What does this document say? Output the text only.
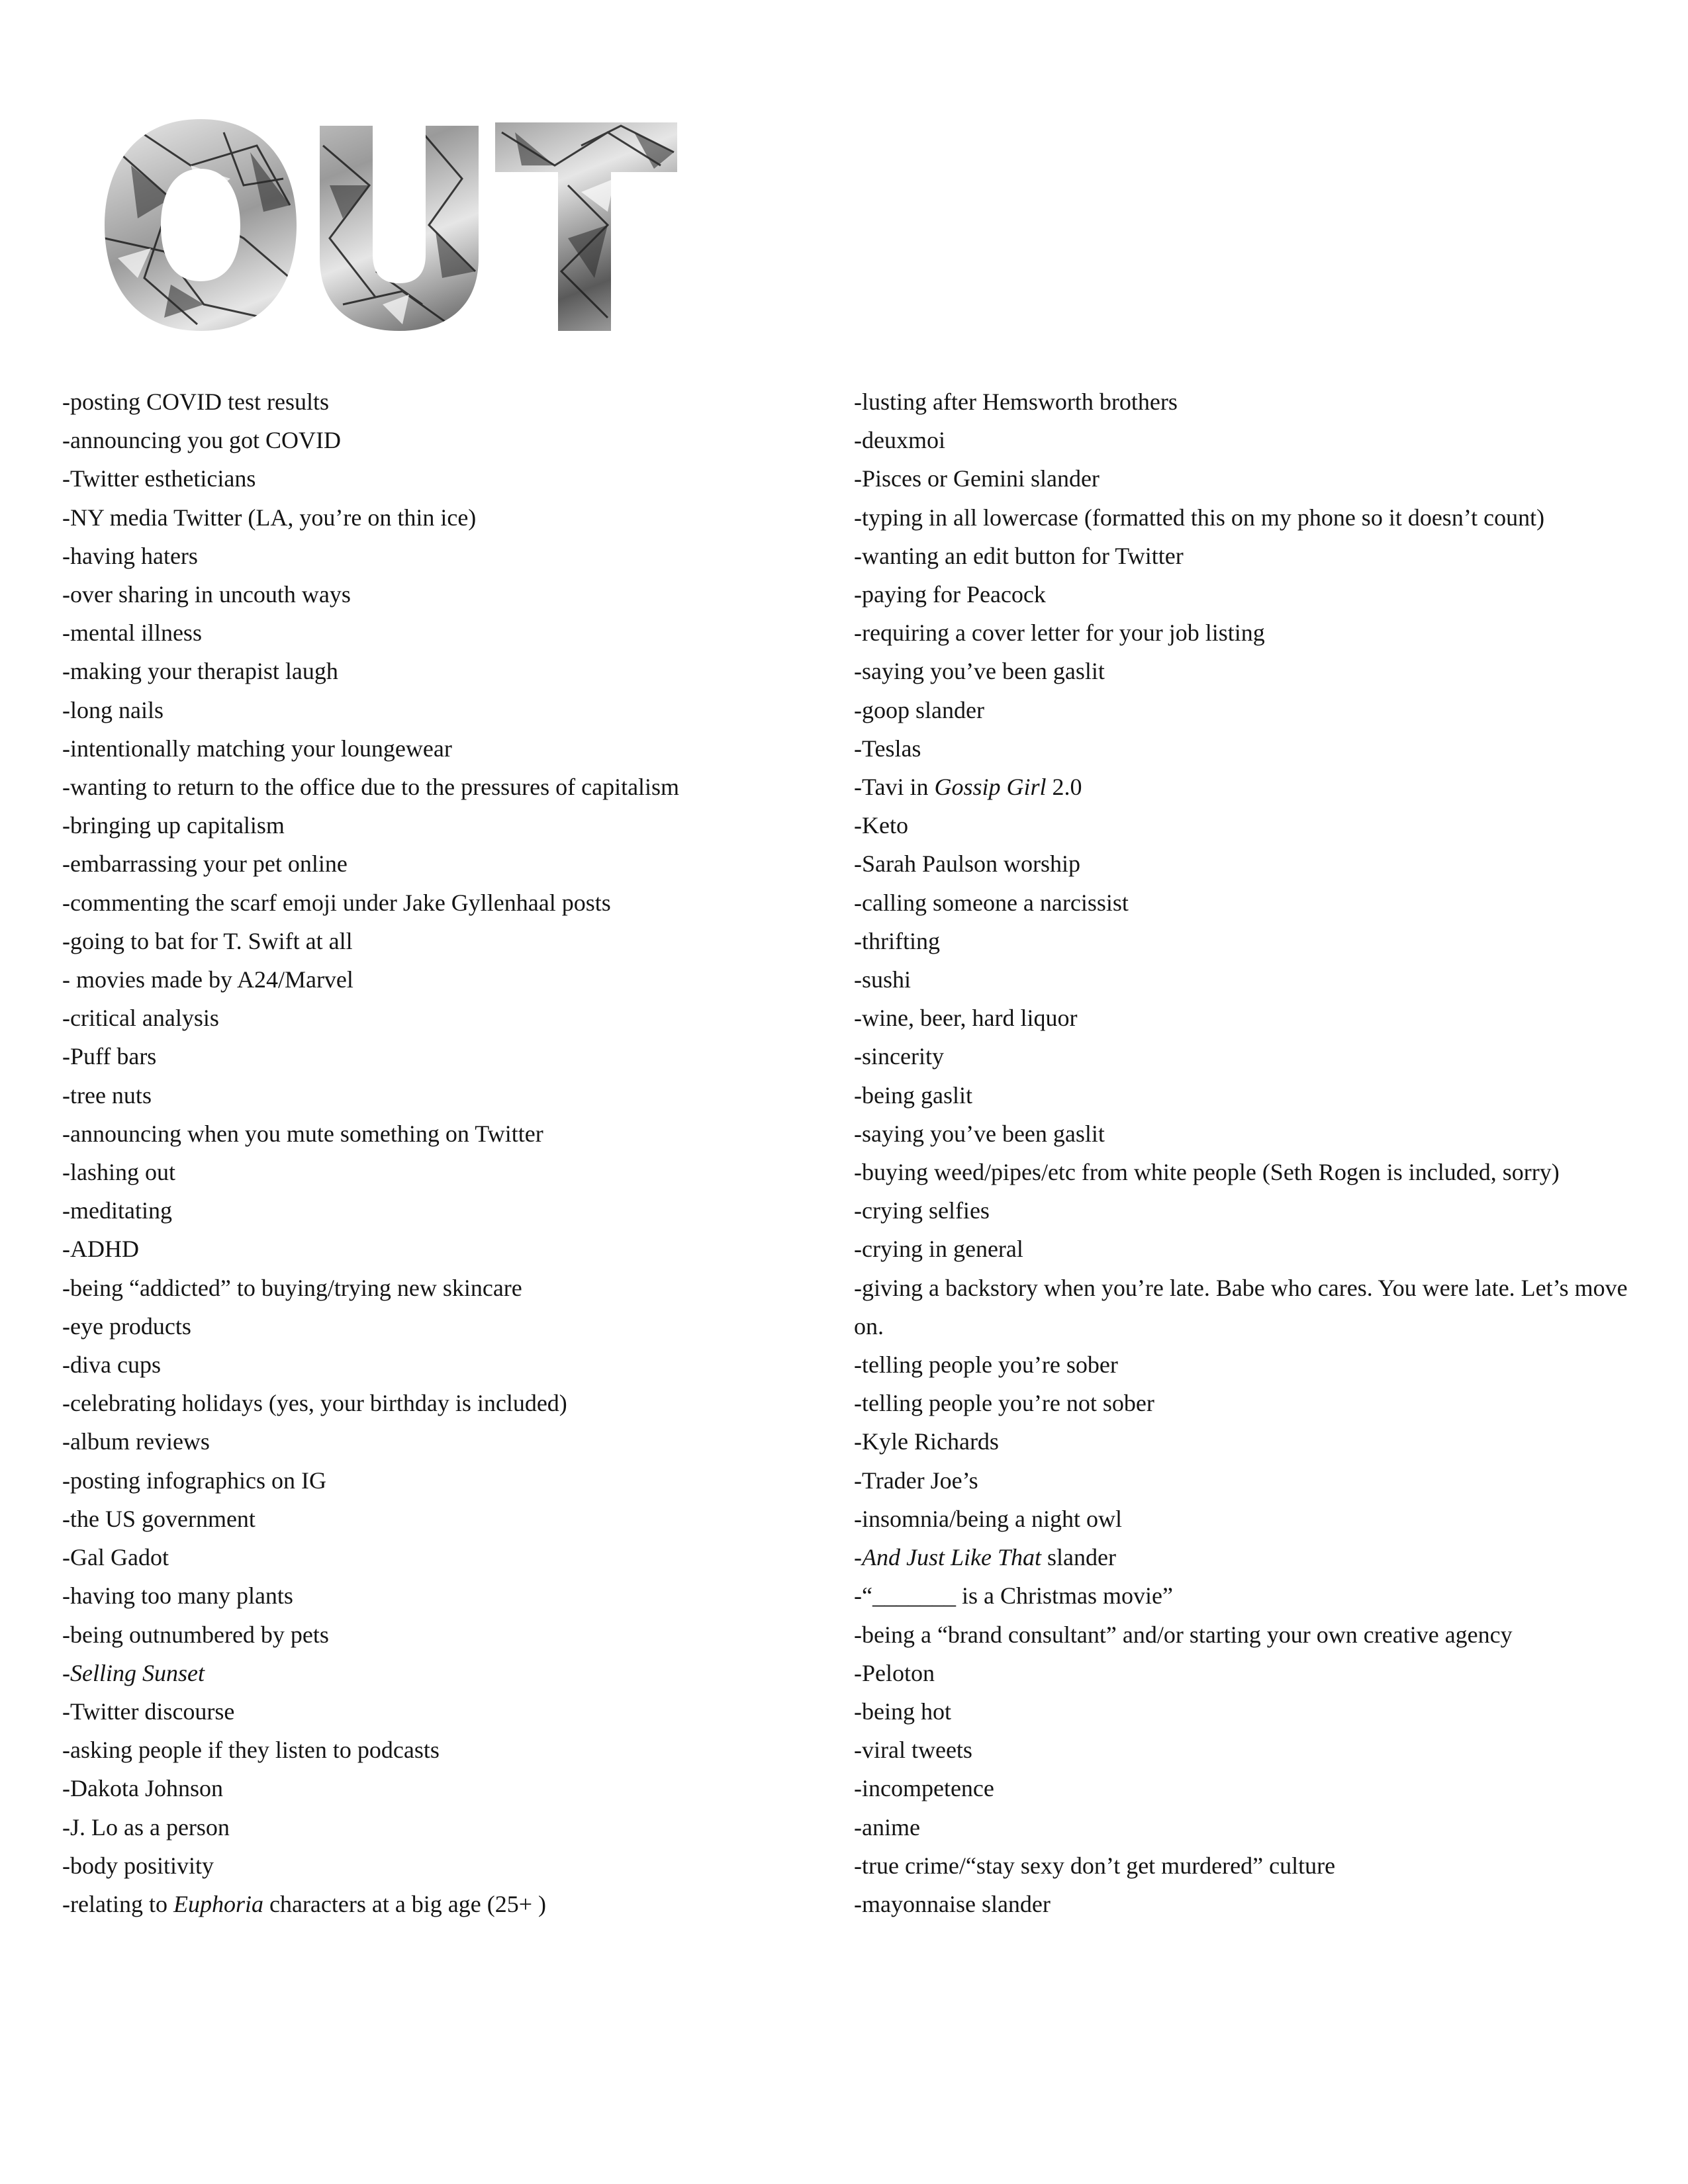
-posting COVID test results
-announcing you got COVID
-Twitter estheticians
-NY media Twitter (LA, you’re on thin ice)
-having haters
-over sharing in uncouth ways
-mental illness
-making your therapist laugh
-long nails
-intentionally matching your loungewear
-wanting to return to the office due to the pressures of capitalism
-bringing up capitalism
-embarrassing your pet online
-commenting the scarf emoji under Jake Gyllenhaal posts
-going to bat for T. Swift at all
- movies made by A24/Marvel
-critical analysis
-Puff bars
-tree nuts
-announcing when you mute something on Twitter
-lashing out
-meditating
-ADHD
-being “addicted” to buying/trying new skincare
-eye products
-diva cups
-celebrating holidays (yes, your birthday is included)
-album reviews
-posting infographics on IG
-the US government
-Gal Gadot
-having too many plants
-being outnumbered by pets
-Selling Sunset
-Twitter discourse
-asking people if they listen to podcasts
-Dakota Johnson
-J. Lo as a person
-body positivity
-relating to Euphoria characters at a big age (25+ )
-lusting after Hemsworth brothers
-deuxmoi
-Pisces or Gemini slander
-typing in all lowercase (formatted this on my phone so it doesn’t count)
-wanting an edit button for Twitter
-paying for Peacock
-requiring a cover letter for your job listing
-saying you’ve been gaslit
-goop slander
-Teslas
-Tavi in Gossip Girl 2.0
-Keto
-Sarah Paulson worship
-calling someone a narcissist
-thrifting
-sushi
-wine, beer, hard liquor
-sincerity
-being gaslit
-saying you’ve been gaslit
-buying weed/pipes/etc from white people (Seth Rogen is included, sorry)
-crying selfies
-crying in general
-giving a backstory when you’re late. Babe who cares. You were late. Let’s move on.
-telling people you’re sober
-telling people you’re not sober
-Kyle Richards
-Trader Joe’s
-insomnia/being a night owl
-And Just Like That slander
-“_______ is a Christmas movie”
-being a “brand consultant” and/or starting your own creative agency
-Peloton
-being hot
-viral tweets
-incompetence
-anime
-true crime/“stay sexy don’t get murdered” culture
-mayonnaise slander
